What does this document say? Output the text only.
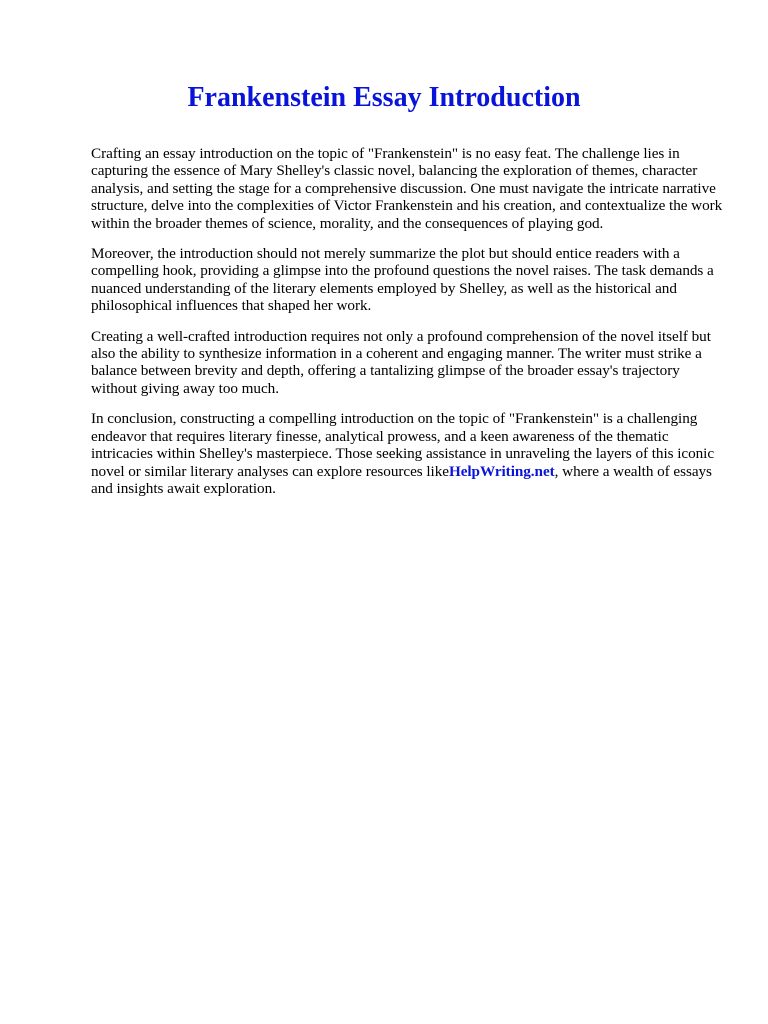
Frankenstein Essay Introduction

Crafting an essay introduction on the topic of "Frankenstein" is no easy feat. The challenge lies in capturing the essence of Mary Shelley's classic novel, balancing the exploration of themes, character analysis, and setting the stage for a comprehensive discussion. One must navigate the intricate narrative structure, delve into the complexities of Victor Frankenstein and his creation, and contextualize the work within the broader themes of science, morality, and the consequences of playing god.

Moreover, the introduction should not merely summarize the plot but should entice readers with a compelling hook, providing a glimpse into the profound questions the novel raises. The task demands a nuanced understanding of the literary elements employed by Shelley, as well as the historical and philosophical influences that shaped her work.

Creating a well-crafted introduction requires not only a profound comprehension of the novel itself but also the ability to synthesize information in a coherent and engaging manner. The writer must strike a balance between brevity and depth, offering a tantalizing glimpse of the broader essay's trajectory without giving away too much.

In conclusion, constructing a compelling introduction on the topic of "Frankenstein" is a challenging endeavor that requires literary finesse, analytical prowess, and a keen awareness of the thematic intricacies within Shelley's masterpiece. Those seeking assistance in unraveling the layers of this iconic novel or similar literary analyses can explore resources likeHelpWriting.net, where a wealth of essays and insights await exploration.
